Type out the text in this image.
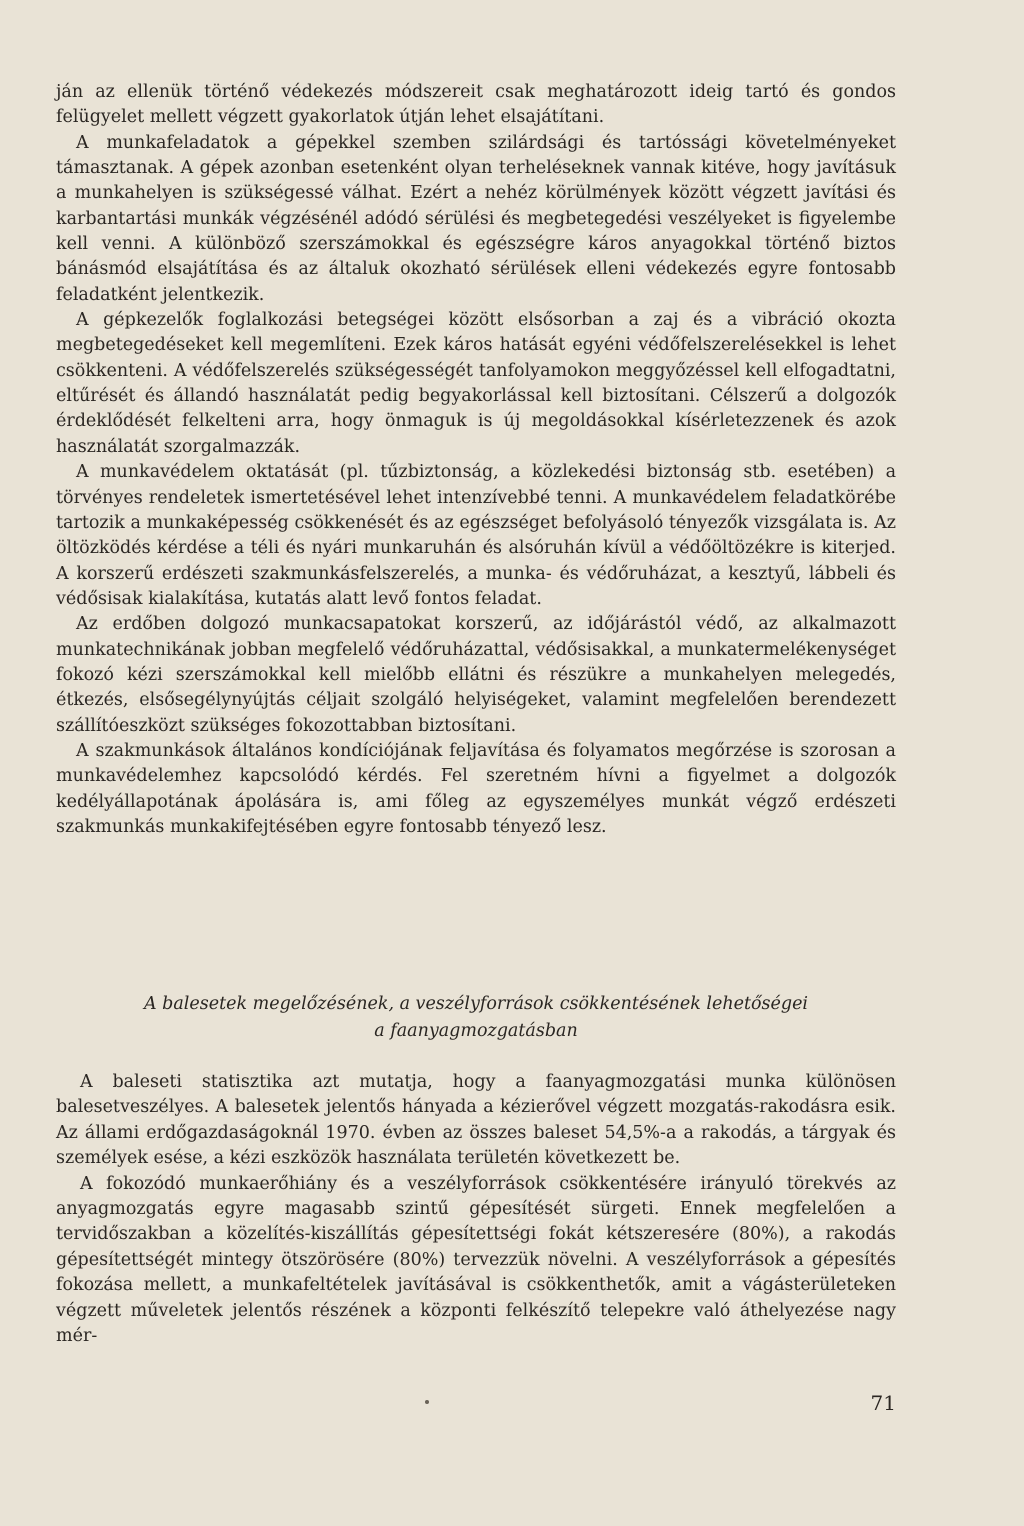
ján az ellenük történő védekezés módszereit csak meghatározott ideig tartó és gondos felügyelet mellett végzett gyakorlatok útján lehet elsajátítani.

A munkafeladatok a gépekkel szemben szilárdsági és tartóssági követelményeket támasztanak. A gépek azonban esetenként olyan terheléseknek vannak kitéve, hogy javításuk a munkahelyen is szükségessé válhat. Ezért a nehéz körülmények között végzett javítási és karbantartási munkák végzésénél adódó sérülési és megbetegedési veszélyeket is figyelembe kell venni. A különböző szerszámokkal és egészségre káros anyagokkal történő biztos bánásmód elsajátítása és az általuk okozható sérülések elleni védekezés egyre fontosabb feladatként jelentkezik.

A gépkezelők foglalkozási betegségei között elsősorban a zaj és a vibráció okozta megbetegedéseket kell megemlíteni. Ezek káros hatását egyéni védőfelszerelésekkel is lehet csökkenteni. A védőfelszerelés szükségességét tanfolyamokon meggyőzéssel kell elfogadtatni, eltűrését és állandó használatát pedig begyakorlással kell biztosítani. Célszerű a dolgozók érdeklődését felkelteni arra, hogy önmaguk is új megoldásokkal kísérletezzenek és azok használatát szorgalmazzák.

A munkavédelem oktatását (pl. tűzbiztonság, a közlekedési biztonság stb. esetében) a törvényes rendeletek ismertetésével lehet intenzívebbé tenni. A munkavédelem feladatkörébe tartozik a munkaképesség csökkenését és az egészséget befolyásoló tényezők vizsgálata is. Az öltözködés kérdése a téli és nyári munkaruhán és alsóruhán kívül a védőöltözékre is kiterjed. A korszerű erdészeti szakmunkásfelszerelés, a munka- és védőruházat, a kesztyű, lábbeli és védősisak kialakítása, kutatás alatt levő fontos feladat.

Az erdőben dolgozó munkacsapatokat korszerű, az időjárástól védő, az alkalmazott munkatechnikának jobban megfelelő védőruházattal, védősisakkal, a munkatermelékenységet fokozó kézi szerszámokkal kell mielőbb ellátni és részükre a munkahelyen melegedés, étkezés, elsősegélynyújtás céljait szolgáló helyiségeket, valamint megfelelően berendezett szállítóeszközt szükséges fokozottabban biztosítani.

A szakmunkások általános kondíciójának feljavítása és folyamatos megőrzése is szorosan a munkavédelemhez kapcsolódó kérdés. Fel szeretném hívni a figyelmet a dolgozók kedélyállapotának ápolására is, ami főleg az egyszemélyes munkát végző erdészeti szakmunkás munkakifejtésében egyre fontosabb tényező lesz.

A balesetek megelőzésének, a veszélyforrások csökkentésének lehetőségei
a faanyagmozgatásban

A baleseti statisztika azt mutatja, hogy a faanyagmozgatási munka különösen balesetveszélyes. A balesetek jelentős hányada a kézierővel végzett mozgatás-rakodásra esik. Az állami erdőgazdaságoknál 1970. évben az összes baleset 54,5%-a a rakodás, a tárgyak és személyek esése, a kézi eszközök használata területén következett be.

A fokozódó munkaerőhiány és a veszélyforrások csökkentésére irányuló törekvés az anyagmozgatás egyre magasabb szintű gépesítését sürgeti. Ennek megfelelően a tervidőszakban a közelítés-kiszállítás gépesítettségi fokát kétszeresére (80%), a rakodás gépesítettségét mintegy ötszörösére (80%) tervezzük növelni. A veszélyforrások a gépesítés fokozása mellett, a munkafeltételek javításával is csökkenthetők, amit a vágásterületeken végzett műveletek jelentős részének a központi felkészítő telepekre való áthelyezése nagy mér-

71
